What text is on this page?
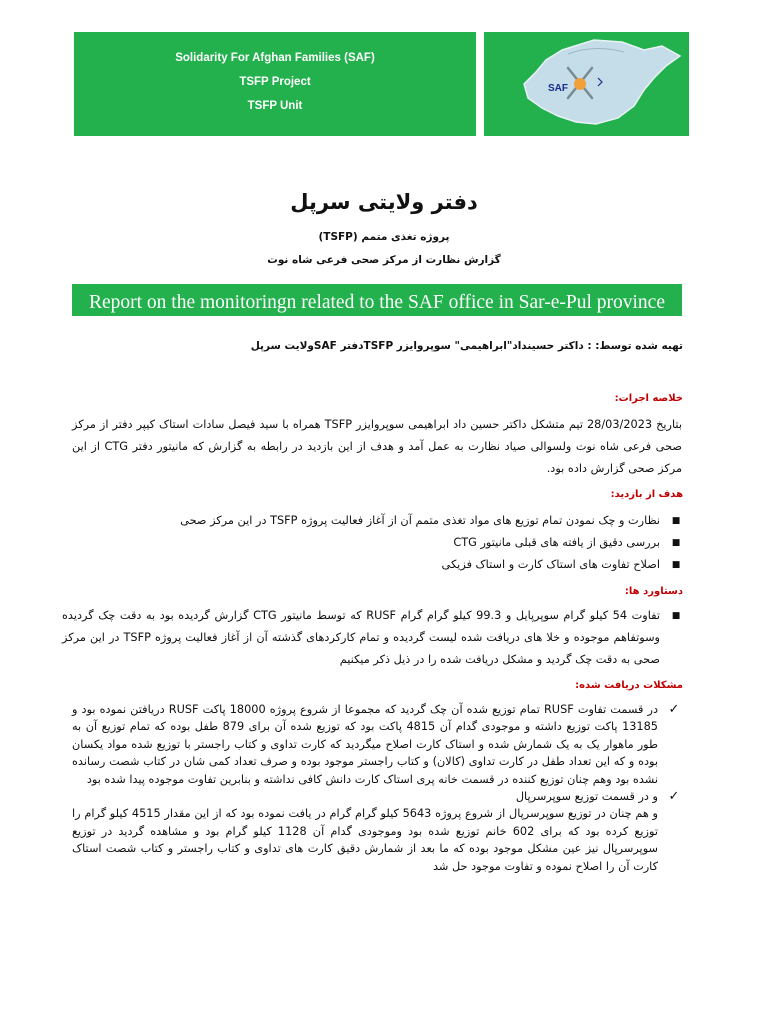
Solidarity For Afghan Families (SAF)
TSFP Project
TSFP Unit
SAF
دفتر ولایتی سرپل
پروژه تغذی متمم (TSFP)
گزارش نظارت از مرکز صحی فرعی شاه نوت
Report on the monitoringn related to the SAF office in Sar-e-Pul province
تهیه شده توسط: : داکتر حسینداد"ابراهیمی" سوپروایزر TSFPدفتر SAFولایت سرپل
خلاصه اجرات:
بتاریخ 28/03/2023 تیم متشکل داکتر حسین داد ابراهیمی سوپروایزر TSFP همراه با سید فیصل سادات استاک کیپر دفتر از مرکز صحی فرعی شاه نوت ولسوالی صیاد نظارت به عمل آمد و هدف از این بازدید در رابطه به گزارش که مانیتور دفتر CTG از این مرکز صحی گزارش داده بود.
هدف از بازدید:
■
نظارت و چک نمودن تمام توزیع های مواد تغذی متمم آن از آغاز فعالیت پروژه TSFP در این مرکز صحی
■
بررسی دقیق از یافته های قبلی مانیتور CTG
■
اصلاح تفاوت های استاک کارت و استاک فزیکی
دستاورد ها:
■
تفاوت 54 کیلو گرام سوپرپایل و 99.3 کیلو گرام گرام RUSF که توسط مانیتور CTG گزارش گردیده بود به دقت چک گردیده وسوتفاهم موجوده و خلا های دریافت شده لیست گردیده و تمام کارکردهای گذشته آن از آغاز فعالیت پروژه TSFP در این مرکز صحی به دقت چک گردید و مشکل دریافت شده را در ذیل ذکر میکنیم
مشکلات دریافت شده:
✓
در قسمت تفاوت RUSF تمام توزیع شده آن چک گردید که مجموعا از شروع پروژه 18000 پاکت RUSF دریافتن نموده بود و 13185 پاکت توزیع داشته و موجودی گدام آن 4815 پاکت بود که توزیع شده آن برای 879 طفل بوده که تمام توزیع آن به طور ماهوار یک به یک شمارش شده و استاک کارت اصلاح میگردید که کارت تداوی و کتاب راجستر با توزیع شده مواد یکسان بوده و که این تعداد طفل در کارت تداوی (کالان) و کتاب راجستر موجود بوده و صرف تعداد کمی شان در کتاب شصت رسانده نشده بود وهم چنان توزیع کننده در قسمت خانه پری استاک کارت دانش کافی نداشته و بنابرین تفاوت موجوده پیدا شده بود
✓
و در قسمت توزیع سوپرسرپال
و هم چنان در توزیع سوپرسرپال از شروع پروژه 5643 کیلو گرام گرام در یافت نموده بود که از این مقدار 4515 کیلو گرام را توزیع کرده بود که برای 602 خانم توزیع شده بود وموجودی گدام آن 1128 کیلو گرام بود و مشاهده گردید در توزیع سوپرسرپال نیز عین مشکل موجود بوده که ما بعد از شمارش دقیق کارت های تداوی و کتاب راجستر و کتاب شصت استاک کارت آن را اصلاح نموده و تفاوت موجود حل شد
